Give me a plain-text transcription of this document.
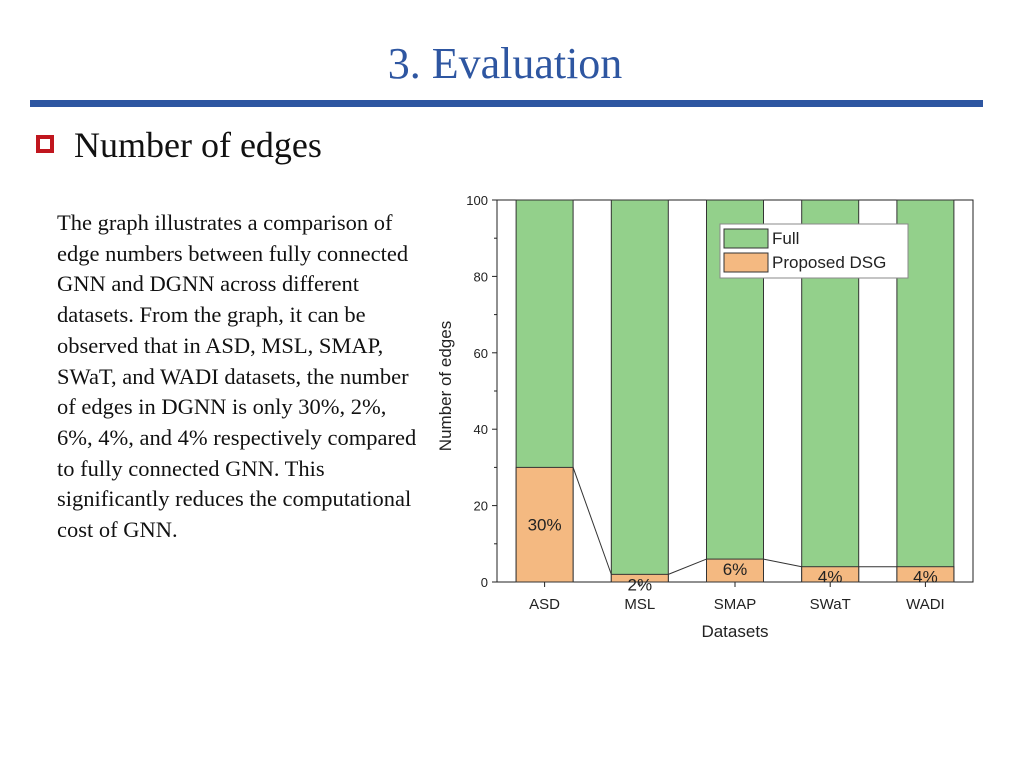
3. Evaluation
Number of edges
The graph illustrates a comparison of edge numbers between fully connected GNN and DGNN across different datasets. From the graph, it can be observed that in ASD, MSL, SMAP, SWaT, and WADI datasets, the number of edges in DGNN is only 30%, 2%, 6%, 4%, and 4% respectively compared to fully connected GNN. This significantly reduces the computational cost of GNN.	30%
2%
6%	4%	4%
0
20
40
60
80
100
ASD	MSL	SMAP	SWaT	WADI
Datasets
Number of edges
Full
Proposed DSG
